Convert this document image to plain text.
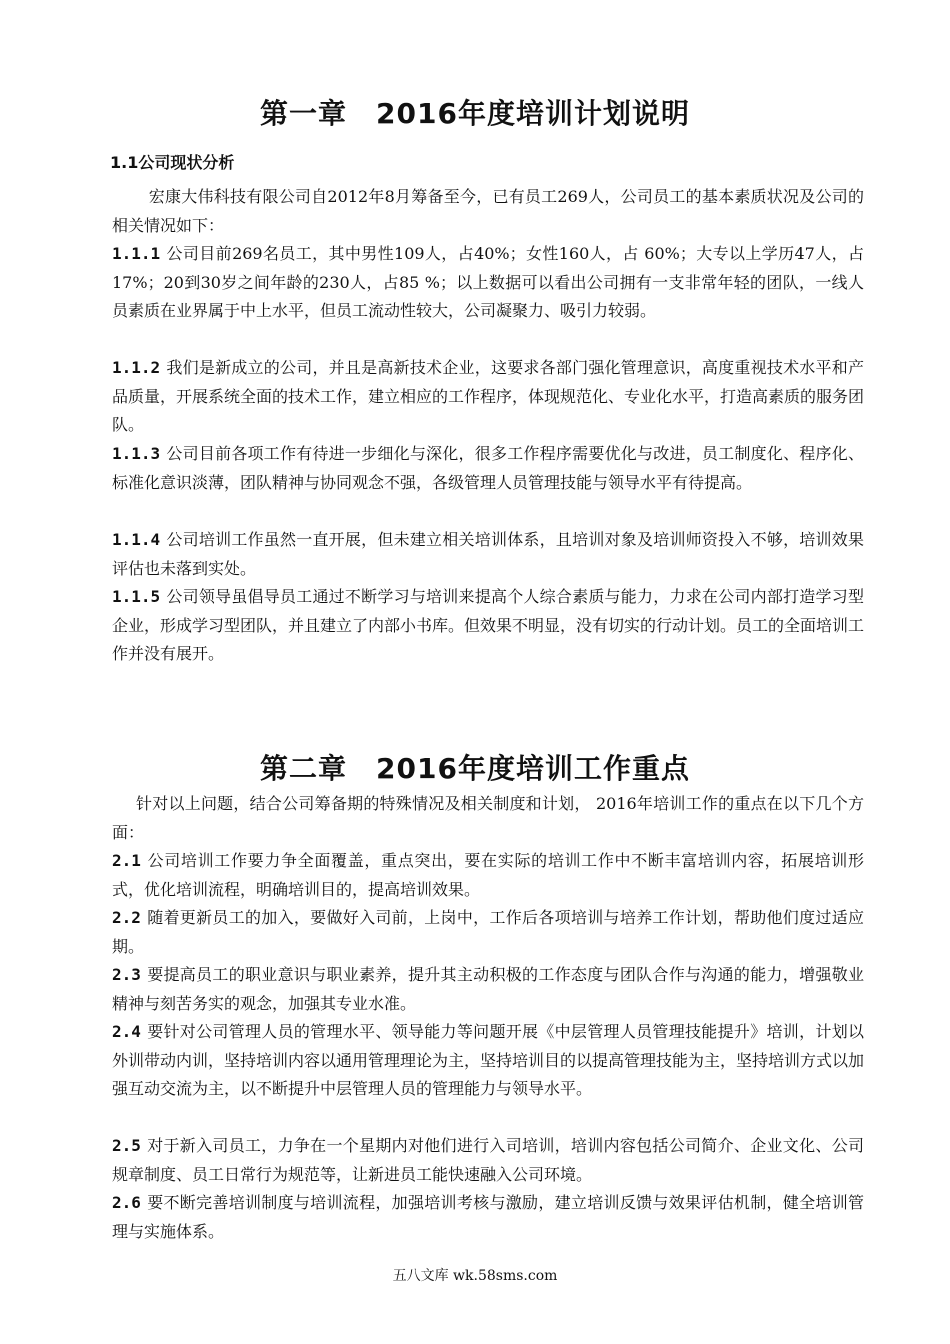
第一章　2016年度培训计划说明
1.1公司现状分析

宏康大伟科技有限公司自2012年8月筹备至今，已有员工269人，公司员工的基本素质状况及公司的相关情况如下：

1.1.1 公司目前269名员工，其中男性109人，占40%；女性160人，占 60%；大专以上学历47人，占17%；20到30岁之间年龄的230人，占85 %；以上数据可以看出公司拥有一支非常年轻的团队，一线人员素质在业界属于中上水平，但员工流动性较大，公司凝聚力、吸引力较弱。

1.1.2 我们是新成立的公司，并且是高新技术企业，这要求各部门强化管理意识，高度重视技术水平和产品质量，开展系统全面的技术工作，建立相应的工作程序，体现规范化、专业化水平，打造高素质的服务团队。

1.1.3 公司目前各项工作有待进一步细化与深化，很多工作程序需要优化与改进，员工制度化、程序化、标准化意识淡薄，团队精神与协同观念不强，各级管理人员管理技能与领导水平有待提高。

1.1.4 公司培训工作虽然一直开展，但未建立相关培训体系，且培训对象及培训师资投入不够，培训效果评估也未落到实处。

1.1.5 公司领导虽倡导员工通过不断学习与培训来提高个人综合素质与能力，力求在公司内部打造学习型企业，形成学习型团队，并且建立了内部小书库。但效果不明显，没有切实的行动计划。员工的全面培训工作并没有展开。

第二章　2016年度培训工作重点

针对以上问题，结合公司筹备期的特殊情况及相关制度和计划， 2016年培训工作的重点在以下几个方面：

2.1 公司培训工作要力争全面覆盖，重点突出，要在实际的培训工作中不断丰富培训内容，拓展培训形式，优化培训流程，明确培训目的，提高培训效果。

2.2 随着更新员工的加入，要做好入司前，上岗中，工作后各项培训与培养工作计划，帮助他们度过适应期。

2.3 要提高员工的职业意识与职业素养，提升其主动积极的工作态度与团队合作与沟通的能力，增强敬业精神与刻苦务实的观念，加强其专业水准。

2.4 要针对公司管理人员的管理水平、领导能力等问题开展《中层管理人员管理技能提升》培训，计划以外训带动内训，坚持培训内容以通用管理理论为主，坚持培训目的以提高管理技能为主，坚持培训方式以加强互动交流为主，以不断提升中层管理人员的管理能力与领导水平。

2.5 对于新入司员工，力争在一个星期内对他们进行入司培训，培训内容包括公司简介、企业文化、公司规章制度、员工日常行为规范等，让新进员工能快速融入公司环境。

2.6 要不断完善培训制度与培训流程，加强培训考核与激励，建立培训反馈与效果评估机制，健全培训管理与实施体系。

五八文库 wk.58sms.com
